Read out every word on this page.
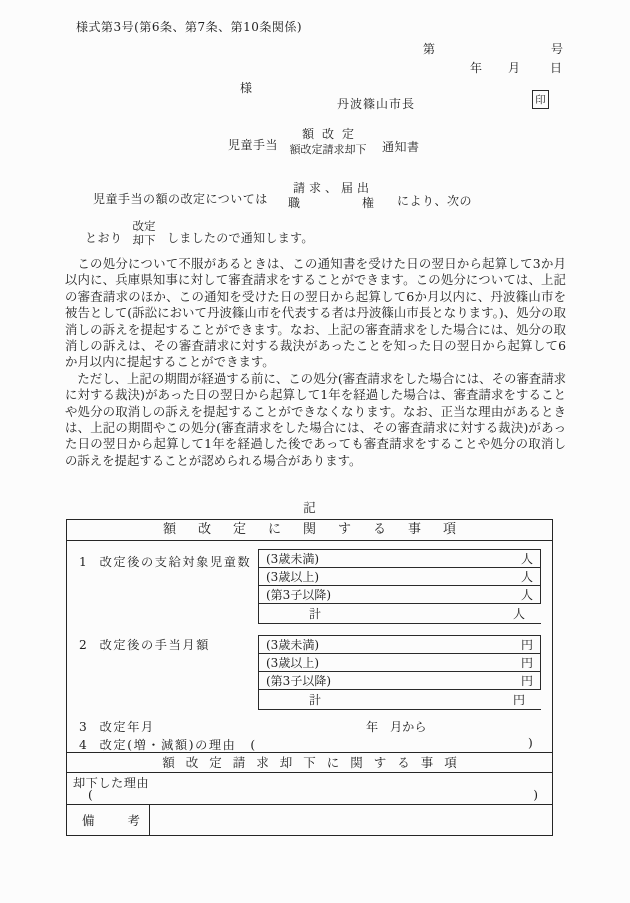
様式第3号(第6条、第7条、第10条関係)
第	号
年 月 日
様
丹波篠山市長	印
児童手当
額改定
額改定請求却下 通知書
児童手当の額の改定については
請求、届出
職	権 により、次の
とおり
改定
却下 しましたので通知します。

この処分について不服があるときは、この通知書を受けた日の翌日から起算して3か月以内に、兵庫県知事に対して審査請求をすることができます。この処分については、上記の審査請求のほか、この通知を受けた日の翌日から起算して6か月以内に、丹波篠山市を被告として(訴訟において丹波篠山市を代表する者は丹波篠山市長となります。)、処分の取消しの訴えを提起することができます。なお、上記の審査請求をした場合には、処分の取消しの訴えは、その審査請求に対する裁決があったことを知った日の翌日から起算して6か月以内に提起することができます。

ただし、上記の期間が経過する前に、この処分(審査請求をした場合には、その審査請求に対する裁決)があった日の翌日から起算して1年を経過した場合は、審査請求をすることや処分の取消しの訴えを提起することができなくなります。なお、正当な理由があるときは、上記の期間やこの処分(審査請求をした場合には、その審査請求に対する裁決)があった日の翌日から起算して1年を経過した後であっても審査請求をすることや処分の取消しの訴えを提起することが認められる場合があります。

記
額改定に関する事項
1 改定後の支給対象児童数 (3歳未満)	人
(3歳以上)	人
(第3子以降)	人
計	人
2 改定後の手当月額	(3歳未満)	円
(3歳以上)	円
(第3子以降)	円
計	円
3 改定年月	年 月から
4 改定(増・減額)の理由 (	)
額改定請求却下に関する事項
却下した理由
(	)
備	考
